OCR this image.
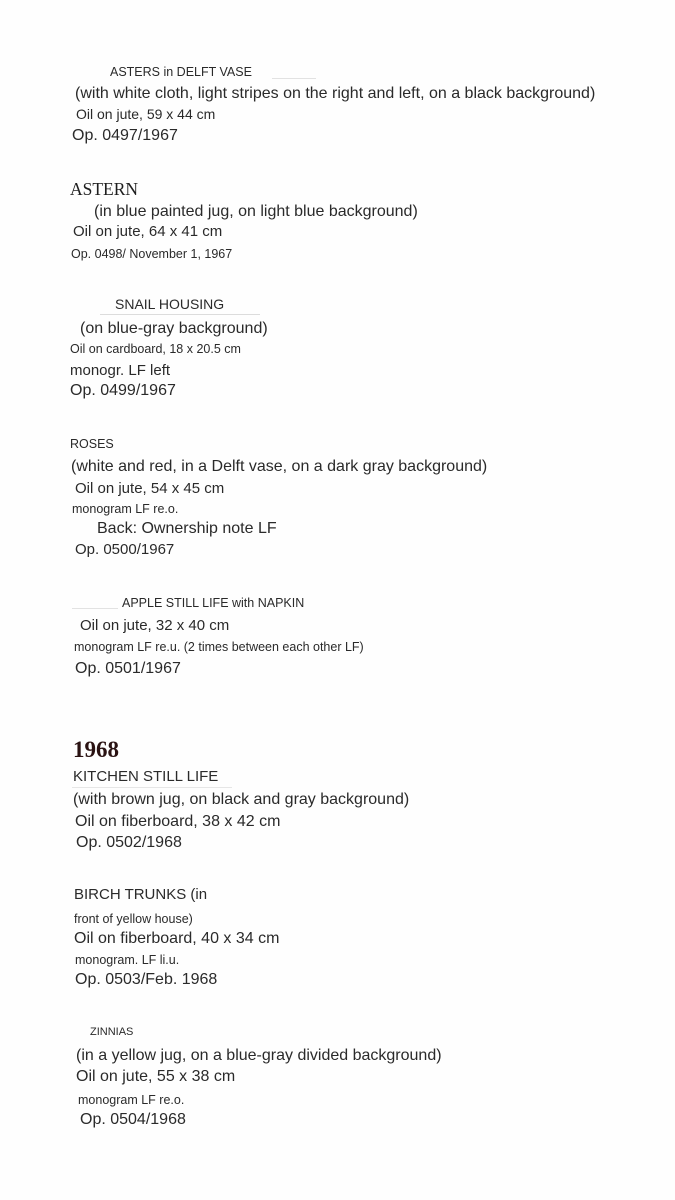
ASTERS in DELFT VASE
(with white cloth, light stripes on the right and left, on a black background)
Oil on jute, 59 x 44 cm
Op. 0497/1967
ASTERN
(in blue painted jug, on light blue background)
Oil on jute, 64 x 41 cm
Op. 0498/ November 1, 1967
SNAIL HOUSING
(on blue-gray background)
Oil on cardboard, 18 x 20.5 cm
monogr. LF left
Op. 0499/1967
ROSES
(white and red, in a Delft vase, on a dark gray background)
Oil on jute, 54 x 45 cm
monogram LF re.o.
Back: Ownership note LF
Op. 0500/1967
APPLE STILL LIFE with NAPKIN
Oil on jute, 32 x 40 cm
monogram LF re.u. (2 times between each other LF)
Op. 0501/1967
1968
KITCHEN STILL LIFE
(with brown jug, on black and gray background)
Oil on fiberboard, 38 x 42 cm
Op. 0502/1968
BIRCH TRUNKS (in
front of yellow house)
Oil on fiberboard, 40 x 34 cm
monogram. LF li.u.
Op. 0503/Feb. 1968
ZINNIAS
(in a yellow jug, on a blue-gray divided background)
Oil on jute, 55 x 38 cm
monogram LF re.o.
Op. 0504/1968
